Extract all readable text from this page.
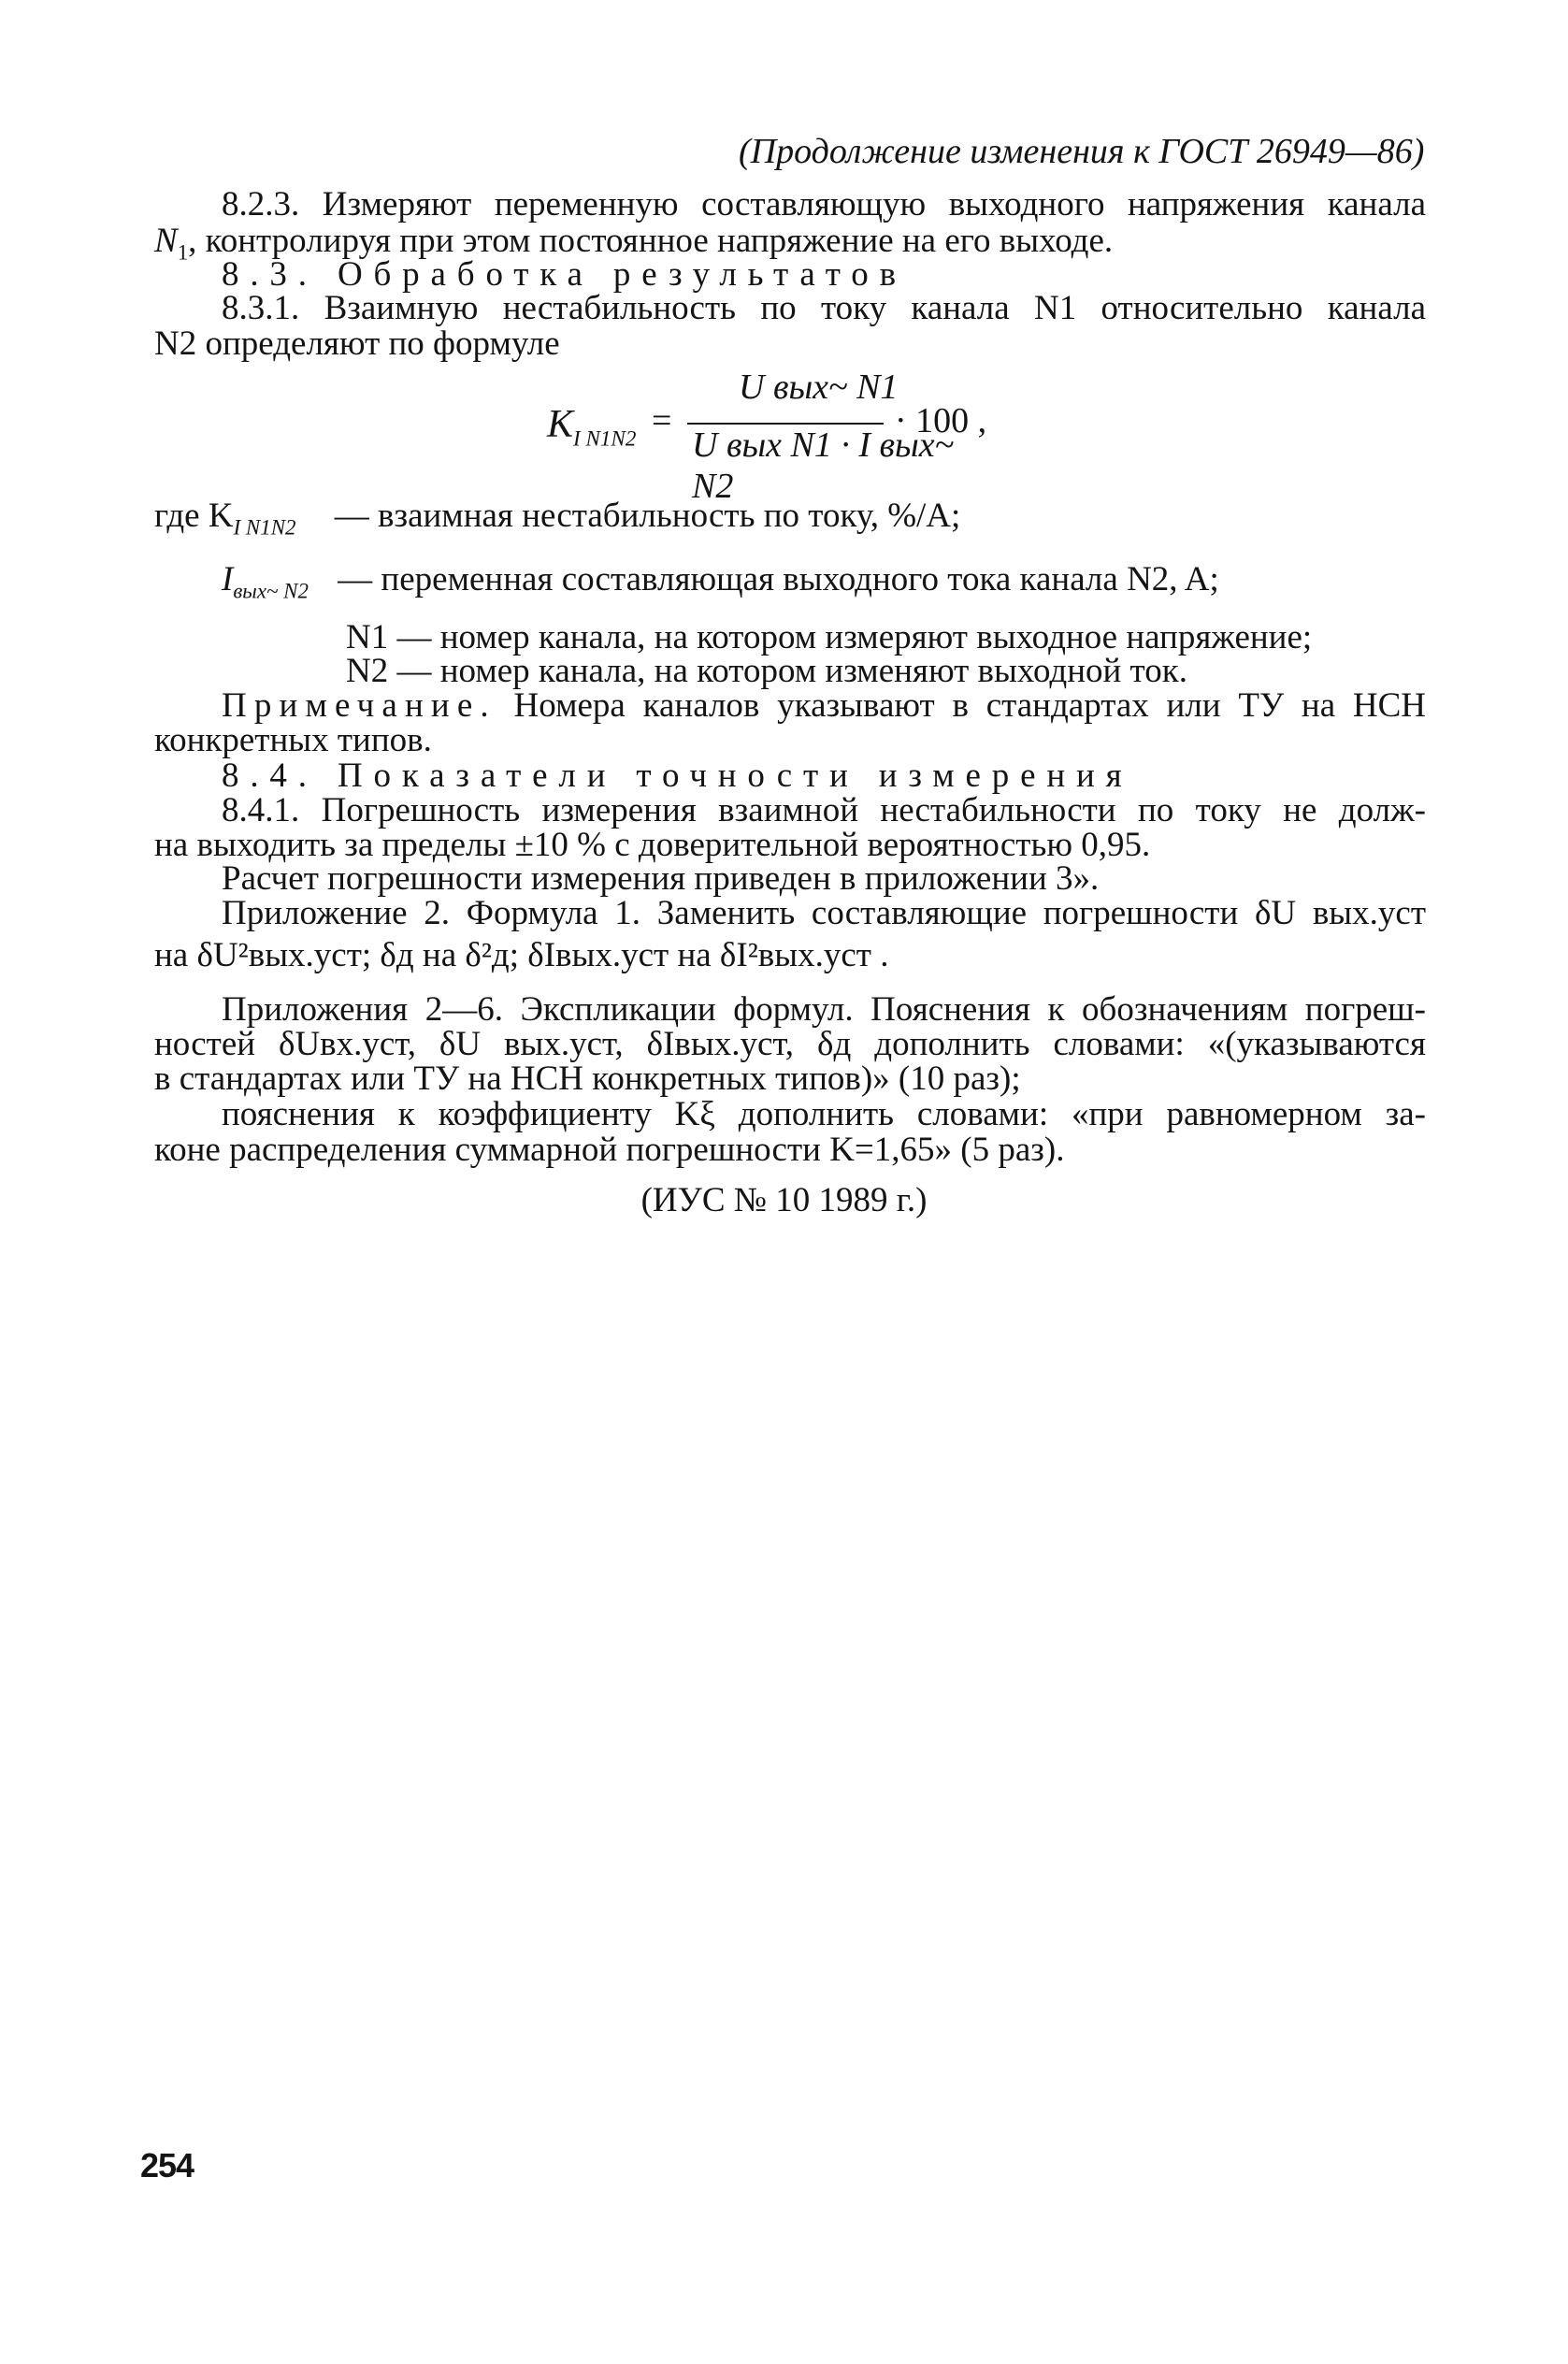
(Продолжение изменения к ГОСТ 26949—86)
8.2.3. Измеряют переменную составляющую выходного напряжения канала
$N_1$, контролируя при этом постоянное напряжение на его выходе.
8.3. Обработка результатов
8.3.1. Взаимную нестабильность по току канала N1 относительно канала
N2 определяют по формуле
$K_{I N1N2}$ =
U вых~ N1
U вых N1 · I вых~ N2
· 100 ,
где $K_{I N1N2}$ — взаимная нестабильность по току, %/A;
$I_{вых\sim N2}$ — переменная составляющая выходного тока канала N2, A;
N1 — номер канала, на котором измеряют выходное напряжение;
N2 — номер канала, на котором изменяют выходной ток.
Примечание. Номера каналов указывают в стандартах или ТУ на НСН
конкретных типов.
8.4. Показатели точности измерения
8.4.1. Погрешность измерения взаимной нестабильности по току не долж-
на выходить за пределы ±10 % с доверительной вероятностью 0,95.
Расчет погрешности измерения приведен в приложении 3».
Приложение 2. Формула 1. Заменить составляющие погрешности δU вых.уст
на δU²вых.уст; δд на δ²д; δIвых.уст на δI²вых.уст .
Приложения 2—6. Экспликации формул. Пояснения к обозначениям погреш-
ностей δUвх.уст, δU вых.уст, δIвых.уст, δд дополнить словами: «(указываются
в стандартах или ТУ на НСН конкретных типов)» (10 раз);
пояснения к коэффициенту Kξ дополнить словами: «при равномерном за-
коне распределения суммарной погрешности K=1,65» (5 раз).
(ИУС № 10 1989 г.)
254
